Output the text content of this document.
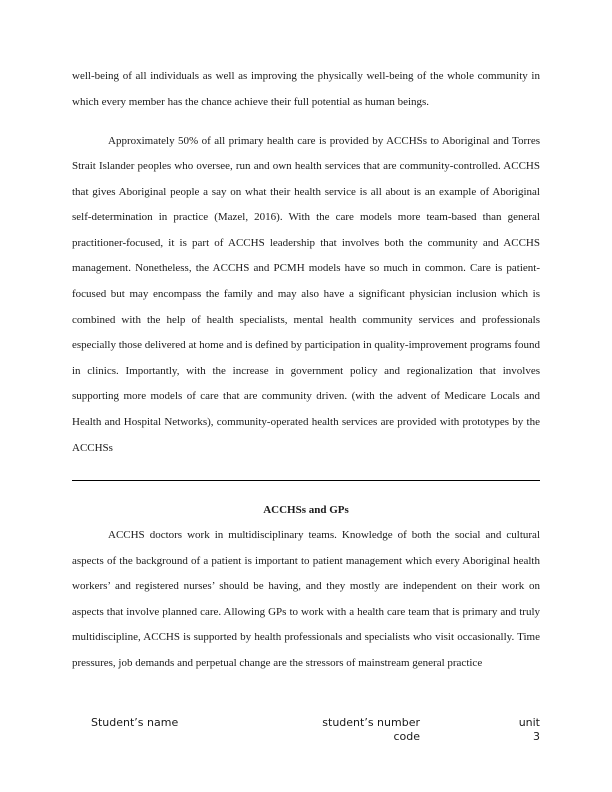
well-being of all individuals as well as improving the physically well-being of the whole community in which every member has the chance achieve their full potential as human beings.

Approximately 50% of all primary health care is provided by ACCHSs to Aboriginal and Torres Strait Islander peoples who oversee, run and own health services that are community-controlled. ACCHS that gives Aboriginal people a say on what their health service is all about is an example of Aboriginal self-determination in practice (Mazel, 2016). With the care models more team-based than general practitioner-focused, it is part of ACCHS leadership that involves both the community and ACCHS management. Nonetheless, the ACCHS and PCMH models have so much in common. Care is patient-focused but may encompass the family and may also have a significant physician inclusion which is combined with the help of health specialists, mental health community services and professionals especially those delivered at home and is defined by participation in quality-improvement programs found in clinics. Importantly, with the increase in government policy and regionalization that involves supporting more models of care that are community driven. (with the advent of Medicare Locals and Health and Hospital Networks), community-operated health services are provided with prototypes by the ACCHSs

ACCHSs and GPs

ACCHS doctors work in multidisciplinary teams. Knowledge of both the social and cultural aspects of the background of a patient is important to patient management which every Aboriginal health workers’ and registered nurses’ should be having, and they mostly are independent on their work on aspects that involve planned care. Allowing GPs to work with a health care team that is primary and truly multidiscipline, ACCHS is supported by health professionals and specialists who visit occasionally. Time pressures, job demands and perpetual change are the stressors of mainstream general practice

Student’s name	student’s number
code
unit
3
